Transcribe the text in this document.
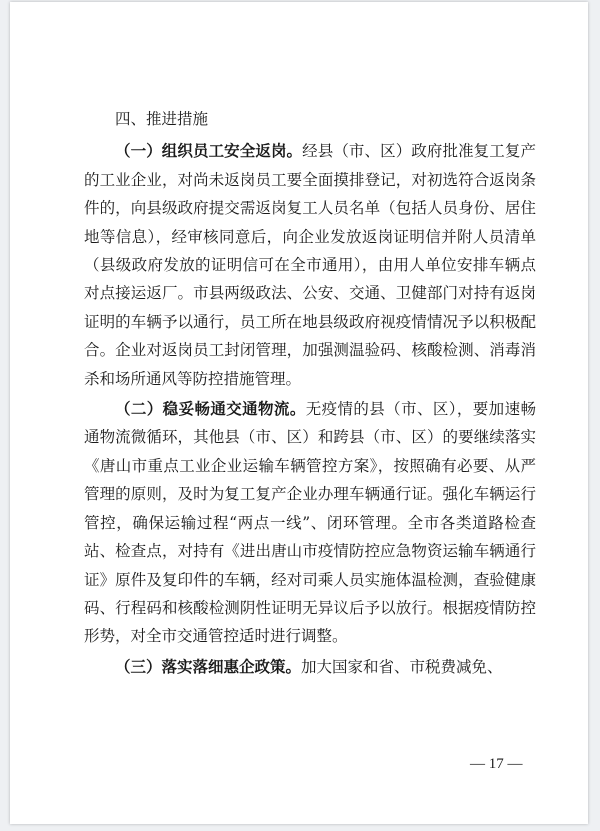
四、推进措施

（一）组织员工安全返岗。经县（市、区）政府批准复工复产的工业企业，对尚未返岗员工要全面摸排登记，对初选符合返岗条件的，向县级政府提交需返岗复工人员名单（包括人员身份、居住地等信息），经审核同意后，向企业发放返岗证明信并附人员清单（县级政府发放的证明信可在全市通用），由用人单位安排车辆点对点接运返厂。市县两级政法、公安、交通、卫健部门对持有返岗证明的车辆予以通行，员工所在地县级政府视疫情情况予以积极配合。企业对返岗员工封闭管理，加强测温验码、核酸检测、消毒消杀和场所通风等防控措施管理。

（二）稳妥畅通交通物流。无疫情的县（市、区），要加速畅通物流微循环，其他县（市、区）和跨县（市、区）的要继续落实《唐山市重点工业企业运输车辆管控方案》，按照确有必要、从严管理的原则，及时为复工复产企业办理车辆通行证。强化车辆运行管控，确保运输过程“两点一线”、闭环管理。全市各类道路检查站、检查点，对持有《进出唐山市疫情防控应急物资运输车辆通行证》原件及复印件的车辆，经对司乘人员实施体温检测，查验健康码、行程码和核酸检测阴性证明无异议后予以放行。根据疫情防控形势，对全市交通管控适时进行调整。

（三）落实落细惠企政策。加大国家和省、市税费减免、

— 17 —
